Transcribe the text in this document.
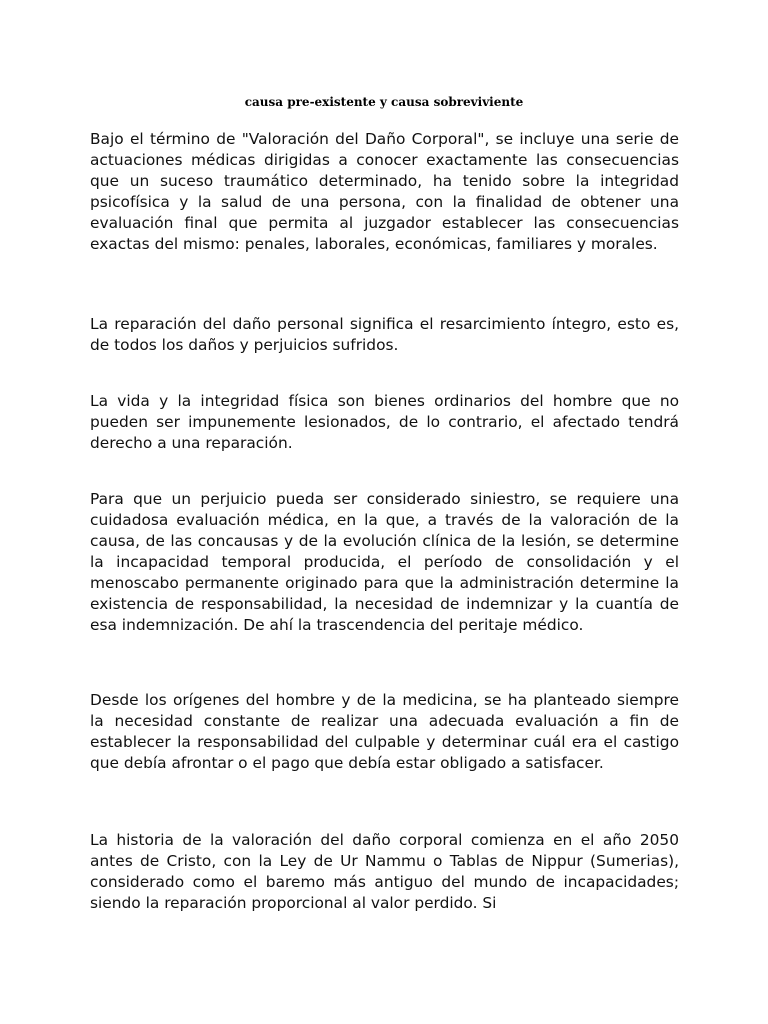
causa pre-existente y causa sobreviviente

Bajo el término de "Valoración del Daño Corporal", se incluye una serie de actuaciones médicas dirigidas a conocer exactamente las consecuencias que un suceso traumático determinado, ha tenido sobre la integridad psicofísica y la salud de una persona, con la finalidad de obtener una evaluación final que permita al juzgador establecer las consecuencias exactas del mismo: penales, laborales, económicas, familiares y morales.

La reparación del daño personal significa el resarcimiento íntegro, esto es, de todos los daños y perjuicios sufridos.

La vida y la integridad física son bienes ordinarios del hombre que no pueden ser impunemente lesionados, de lo contrario, el afectado tendrá derecho a una reparación.

Para que un perjuicio pueda ser considerado siniestro, se requiere una cuidadosa evaluación médica, en la que, a través de la valoración de la causa, de las concausas y de la evolución clínica de la lesión, se determine la incapacidad temporal producida, el período de consolidación y el menoscabo permanente originado para que la administración determine la existencia de responsabilidad, la necesidad de indemnizar y la cuantía de esa indemnización. De ahí la trascendencia del peritaje médico.

Desde los orígenes del hombre y de la medicina, se ha planteado siempre la necesidad constante de realizar una adecuada evaluación a fin de establecer la responsabilidad del culpable y determinar cuál era el castigo que debía afrontar o el pago que debía estar obligado a satisfacer.

La historia de la valoración del daño corporal comienza en el año 2050 antes de Cristo, con la Ley de Ur Nammu o Tablas de Nippur (Sumerias), considerado como el baremo más antiguo del mundo de incapacidades; siendo la reparación proporcional al valor perdido. Si
